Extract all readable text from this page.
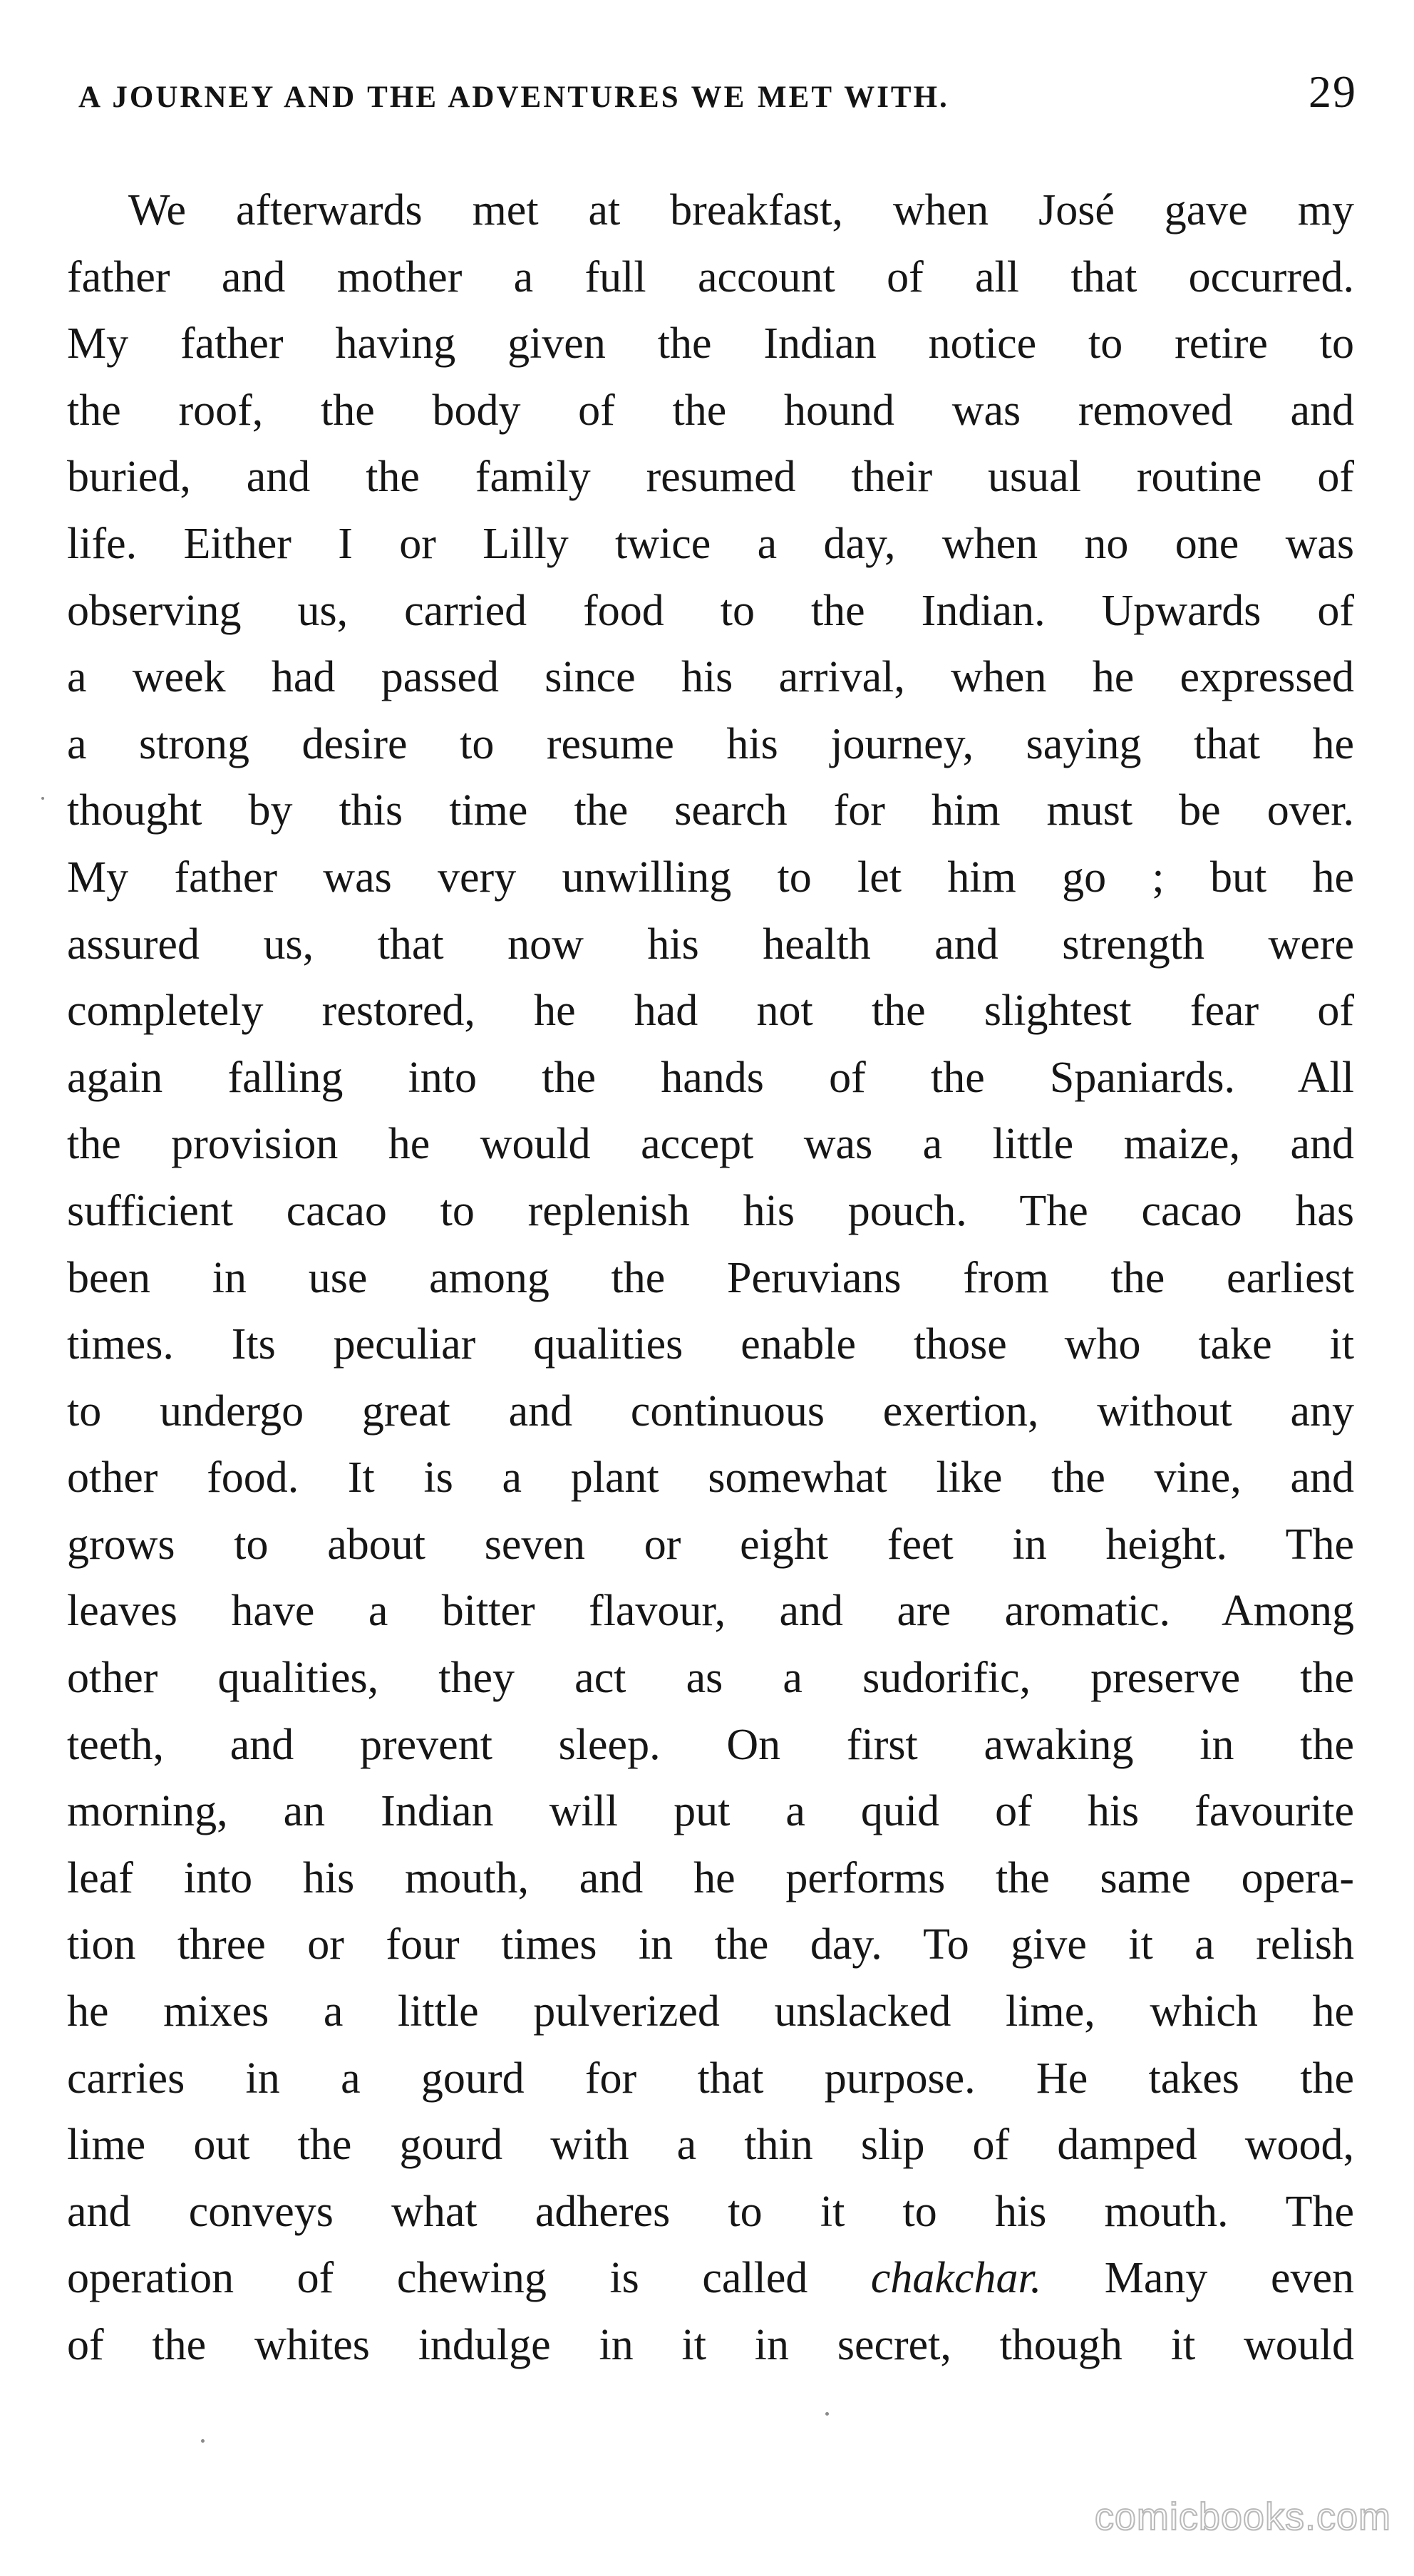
A JOURNEY AND THE ADVENTURES WE MET WITH.	29
We afterwards met at breakfast, when José gave my
father and mother a full account of all that occurred.
My father having given the Indian notice to retire to
the roof, the body of the hound was removed and
buried, and the family resumed their usual routine of
life. Either I or Lilly twice a day, when no one was
observing us, carried food to the Indian. Upwards of
a week had passed since his arrival, when he expressed
a strong desire to resume his journey, saying that he
thought by this time the search for him must be over.
My father was very unwilling to let him go ; but he
assured us, that now his health and strength were
completely restored, he had not the slightest fear of
again falling into the hands of the Spaniards. All
the provision he would accept was a little maize, and
sufficient cacao to replenish his pouch. The cacao has
been in use among the Peruvians from the earliest
times. Its peculiar qualities enable those who take it
to undergo great and continuous exertion, without any
other food. It is a plant somewhat like the vine, and
grows to about seven or eight feet in height. The
leaves have a bitter flavour, and are aromatic. Among
other qualities, they act as a sudorific, preserve the
teeth, and prevent sleep. On first awaking in the
morning, an Indian will put a quid of his favourite
leaf into his mouth, and he performs the same opera-
tion three or four times in the day. To give it a relish
he mixes a little pulverized unslacked lime, which he
carries in a gourd for that purpose. He takes the
lime out the gourd with a thin slip of damped wood,
and conveys what adheres to it to his mouth. The
operation of chewing is called chakchar. Many even
of the whites indulge in it in secret, though it would
comicbooks.com
